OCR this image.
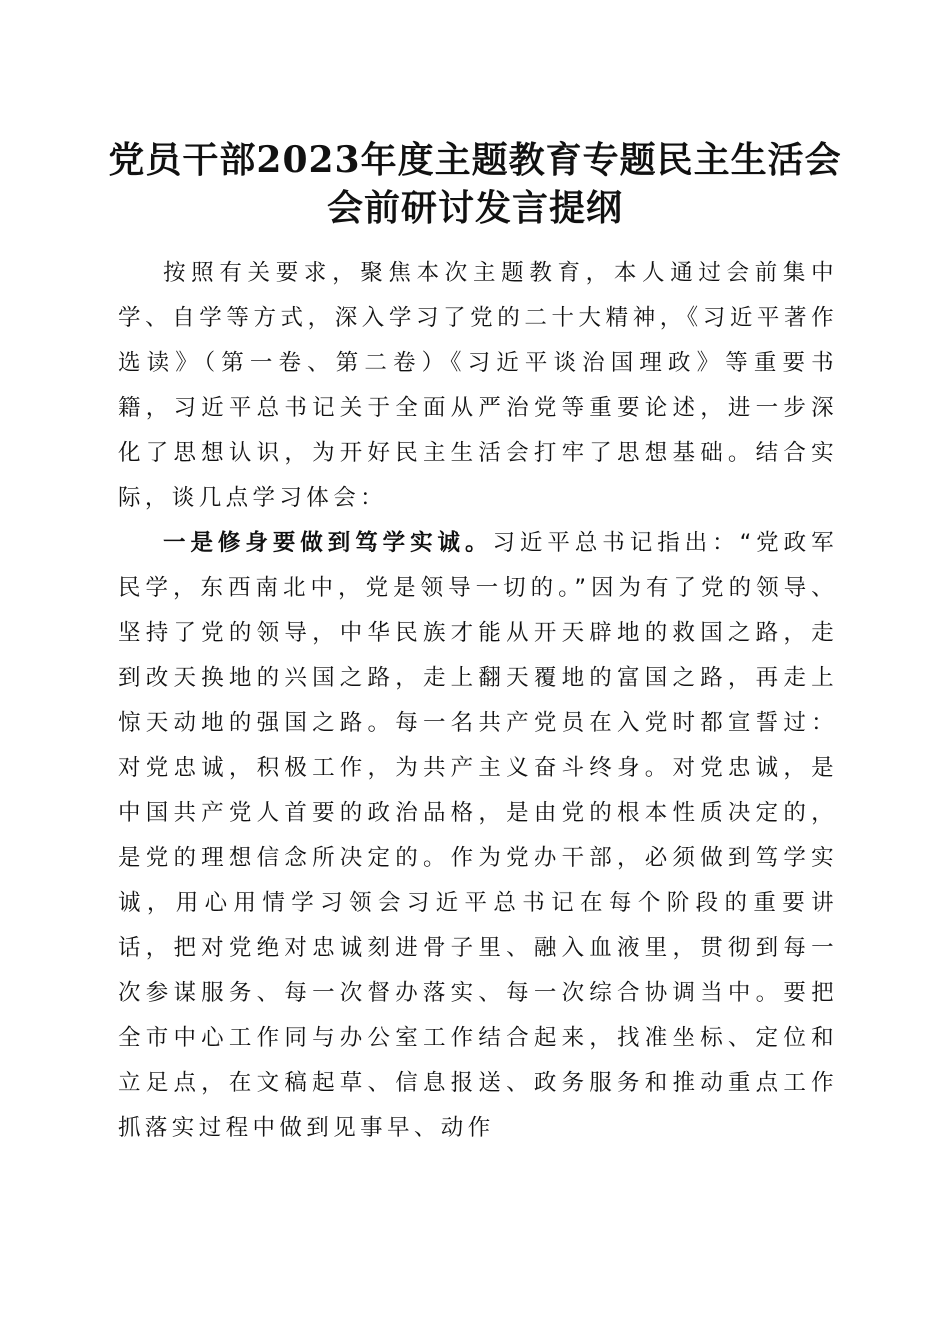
党员干部2023年度主题教育专题民主生活会
会前研讨发言提纲

按照有关要求，聚焦本次主题教育，本人通过会前集中学、自学等方式，深入学习了党的二十大精神，《习近平著作选读》（第一卷、第二卷）《习近平谈治国理政》等重要书籍，习近平总书记关于全面从严治党等重要论述，进一步深化了思想认识，为开好民主生活会打牢了思想基础。结合实际，谈几点学习体会：

一是修身要做到笃学实诚。习近平总书记指出：“党政军民学，东西南北中，党是领导一切的。”因为有了党的领导、坚持了党的领导，中华民族才能从开天辟地的救国之路，走到改天换地的兴国之路，走上翻天覆地的富国之路，再走上惊天动地的强国之路。每一名共产党员在入党时都宣誓过：对党忠诚，积极工作，为共产主义奋斗终身。对党忠诚，是中国共产党人首要的政治品格，是由党的根本性质决定的，是党的理想信念所决定的。作为党办干部，必须做到笃学实诚，用心用情学习领会习近平总书记在每个阶段的重要讲话，把对党绝对忠诚刻进骨子里、融入血液里，贯彻到每一次参谋服务、每一次督办落实、每一次综合协调当中。要把全市中心工作同与办公室工作结合起来，找准坐标、定位和立足点，在文稿起草、信息报送、政务服务和推动重点工作抓落实过程中做到见事早、动作
